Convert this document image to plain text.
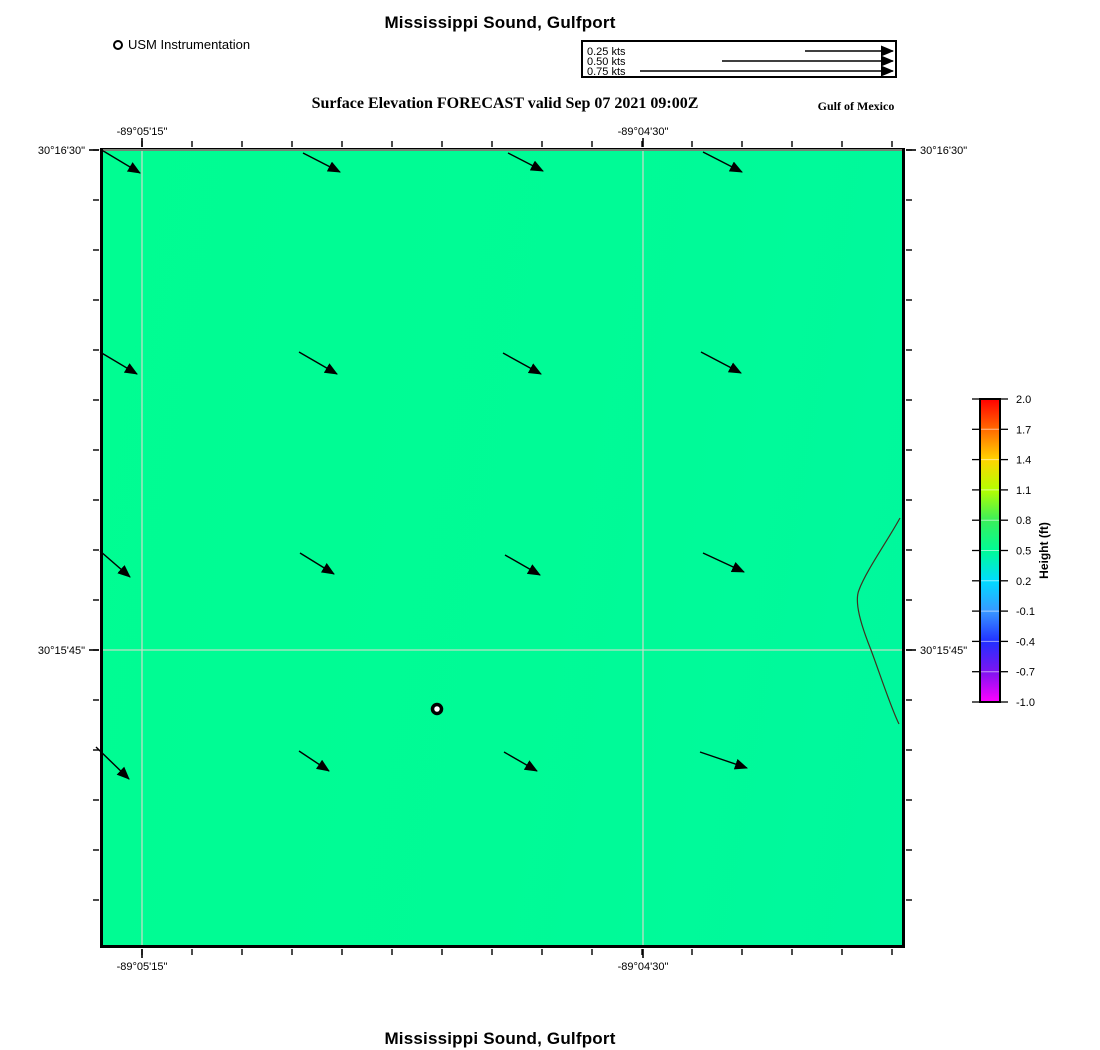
Mississippi Sound, Gulfport
USM Instrumentation	0.25 kts
0.50 kts
0.75 kts
Surface Elevation FORECAST valid Sep 07 2021 09:00Z	Gulf of Mexico
-89°05'15"
-89°05'15"
-89°04'30"
-89°04'30"
30°16'30"	30°16'30"
30°15'45"	30°15'45"
2.0
1.7
1.4
1.1
0.8
0.5
0.2
-0.1
-0.4
-0.7
-1.0
Height (ft)
Mississippi Sound, Gulfport
